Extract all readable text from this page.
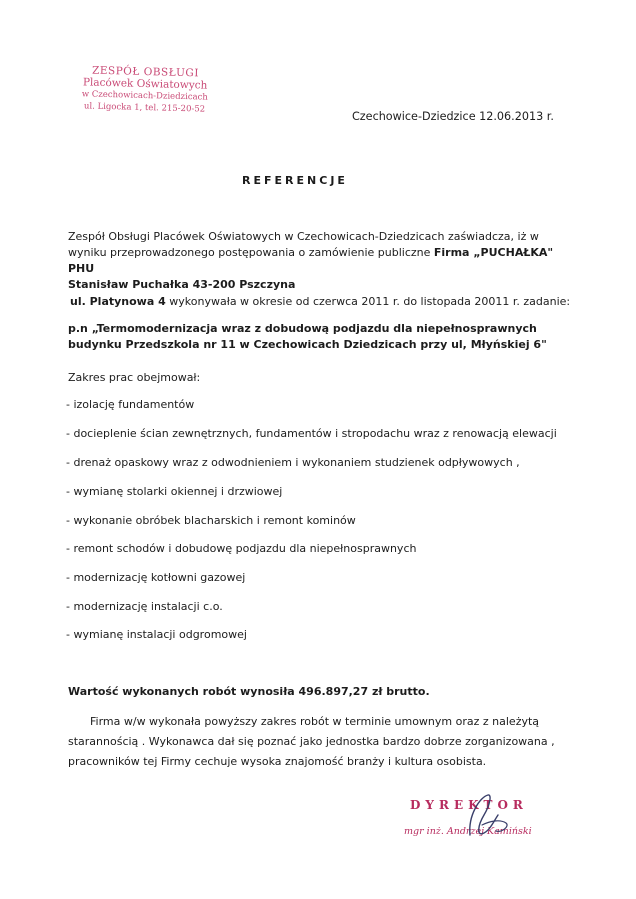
ZESPÓŁ OBSŁUGI
Placówek Oświatowych
w Czechowicach-Dziedzicach
ul. Ligocka 1, tel. 215-20-52
Czechowice-Dziedzice 12.06.2013 r.
REFERENCJE
Zespół Obsługi Placówek Oświatowych w Czechowicach-Dziedzicach zaświadcza, iż w wyniku przeprowadzonego postępowania o zamówienie publiczne Firma „PUCHAŁKA" PHU
Stanisław Puchałka 43-200 Pszczyna
ul. Platynowa 4 wykonywała w okresie od czerwca 2011 r. do listopada 20011 r. zadanie:
p.n „Termomodernizacja wraz z dobudową podjazdu dla niepełnosprawnych budynku Przedszkola nr 11 w Czechowicach Dziedzicach przy ul, Młyńskiej 6"
Zakres prac obejmował:
- izolację fundamentów
- docieplenie ścian zewnętrznych, fundamentów i stropodachu wraz z renowacją elewacji
- drenaż opaskowy wraz z odwodnieniem i wykonaniem studzienek odpływowych ,
- wymianę stolarki okiennej i drzwiowej
- wykonanie obróbek blacharskich i remont kominów
- remont schodów i dobudowę podjazdu dla niepełnosprawnych
- modernizację kotłowni gazowej
- modernizację instalacji c.o.
- wymianę instalacji odgromowej
Wartość wykonanych robót wynosiła 496.897,27 zł brutto.
Firma w/w wykonała powyższy zakres robót w terminie umownym oraz z należytą
starannością . Wykonawca dał się poznać jako jednostka bardzo dobrze zorganizowana ,
pracowników tej Firmy cechuje wysoka znajomość branży i kultura osobista.
DYREKTOR
mgr inż. Andrzej Kamiński
